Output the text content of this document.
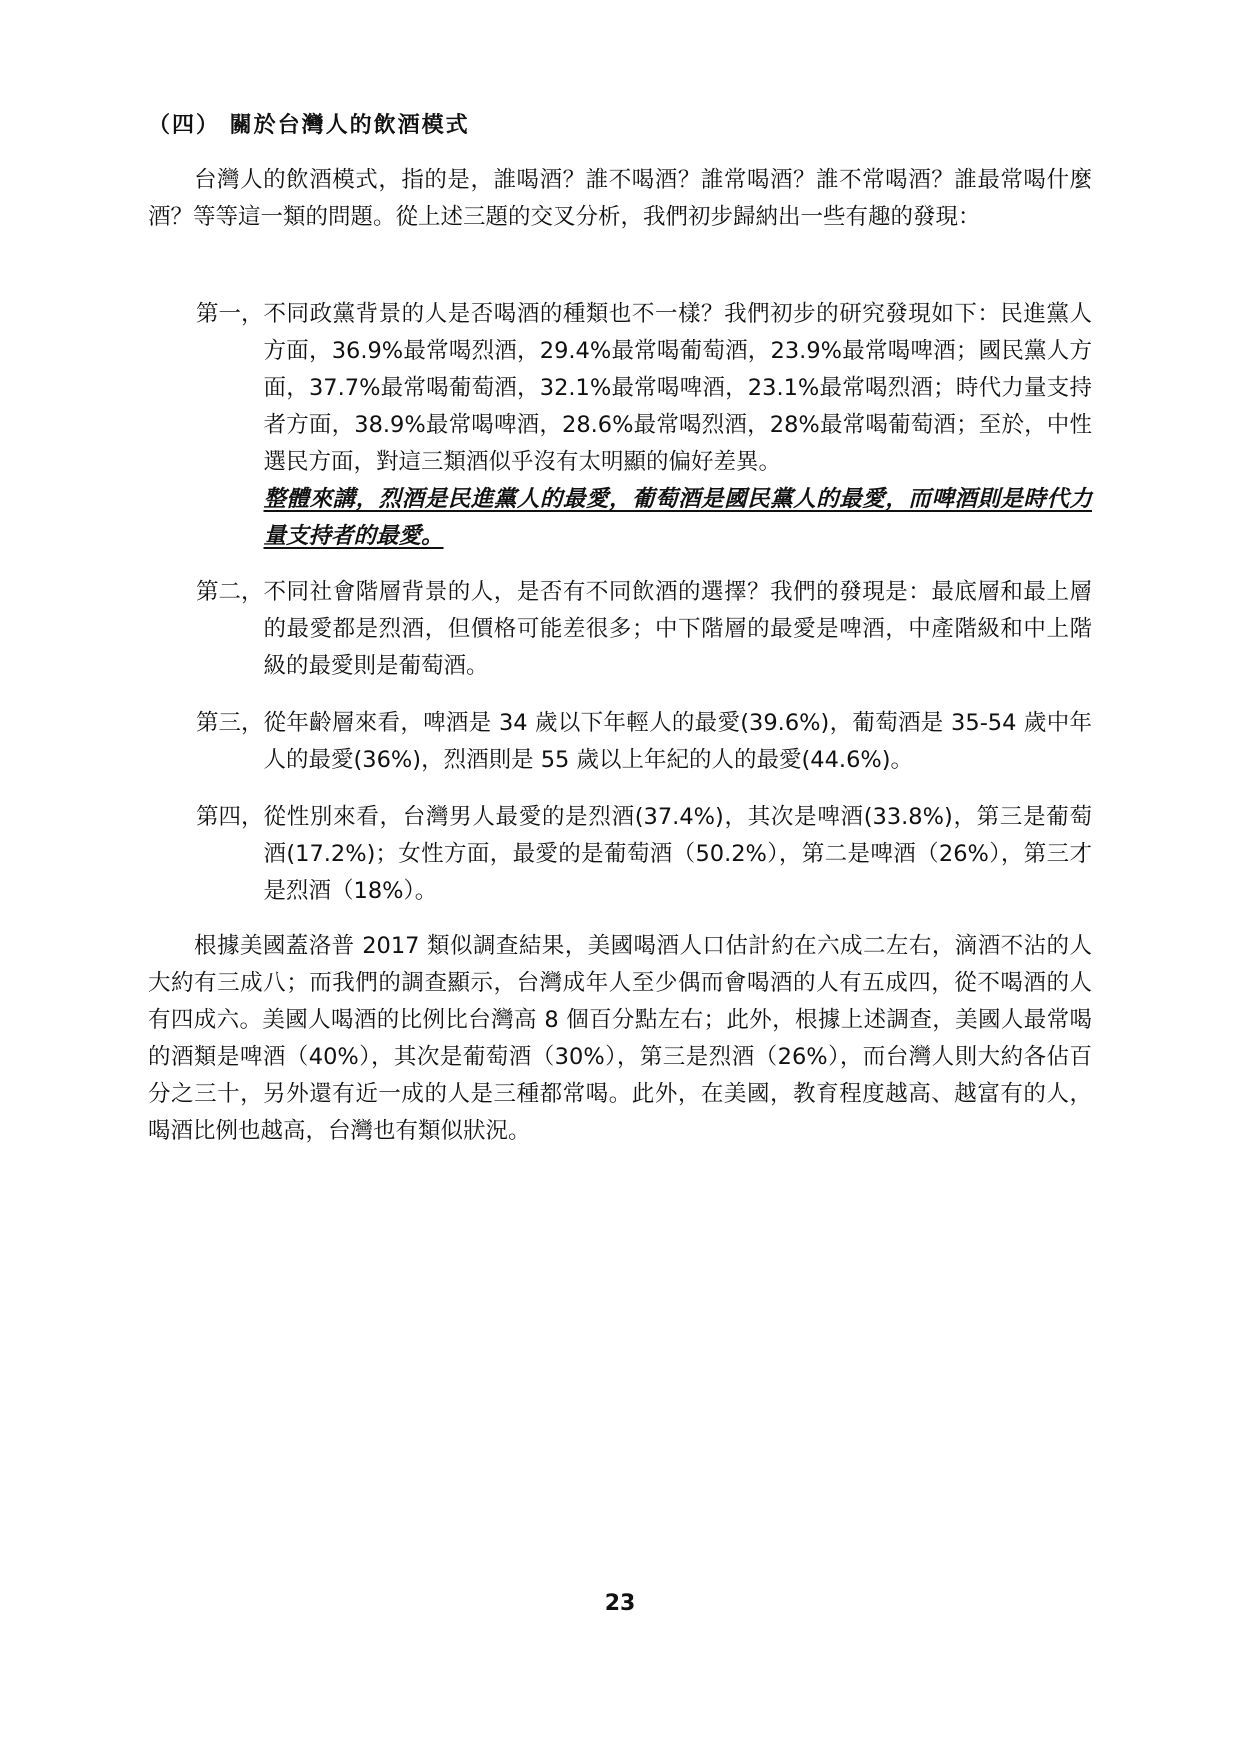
（四） 關於台灣人的飲酒模式

台灣人的飲酒模式，指的是，誰喝酒？誰不喝酒？誰常喝酒？誰不常喝酒？誰最常喝什麼酒？等等這一類的問題。從上述三題的交叉分析，我們初步歸納出一些有趣的發現：

第一， 不同政黨背景的人是否喝酒的種類也不一樣？我們初步的研究發現如下：民進黨人方面，36.9%最常喝烈酒，29.4%最常喝葡萄酒，23.9%最常喝啤酒；國民黨人方面，37.7%最常喝葡萄酒，32.1%最常喝啤酒，23.1%最常喝烈酒；時代力量支持者方面，38.9%最常喝啤酒，28.6%最常喝烈酒，28%最常喝葡萄酒；至於，中性選民方面，對這三類酒似乎沒有太明顯的偏好差異。
整體來講，烈酒是民進黨人的最愛，葡萄酒是國民黨人的最愛，而啤酒則是時代力量支持者的最愛。

第二， 不同社會階層背景的人，是否有不同飲酒的選擇？我們的發現是：最底層和最上層的最愛都是烈酒，但價格可能差很多；中下階層的最愛是啤酒，中產階級和中上階級的最愛則是葡萄酒。

第三， 從年齡層來看，啤酒是 34 歲以下年輕人的最愛(39.6%)，葡萄酒是 35-54 歲中年人的最愛(36%)，烈酒則是 55 歲以上年紀的人的最愛(44.6%)。

第四， 從性別來看，台灣男人最愛的是烈酒(37.4%)，其次是啤酒(33.8%)，第三是葡萄酒(17.2%)；女性方面，最愛的是葡萄酒（50.2%），第二是啤酒（26%），第三才是烈酒（18%）。

根據美國蓋洛普 2017 類似調查結果，美國喝酒人口估計約在六成二左右，滴酒不沾的人大約有三成八；而我們的調查顯示，台灣成年人至少偶而會喝酒的人有五成四，從不喝酒的人有四成六。美國人喝酒的比例比台灣高 8 個百分點左右；此外，根據上述調查，美國人最常喝的酒類是啤酒（40%），其次是葡萄酒（30%），第三是烈酒（26%），而台灣人則大約各佔百分之三十，另外還有近一成的人是三種都常喝。此外，在美國，教育程度越高、越富有的人，喝酒比例也越高，台灣也有類似狀況。

23
